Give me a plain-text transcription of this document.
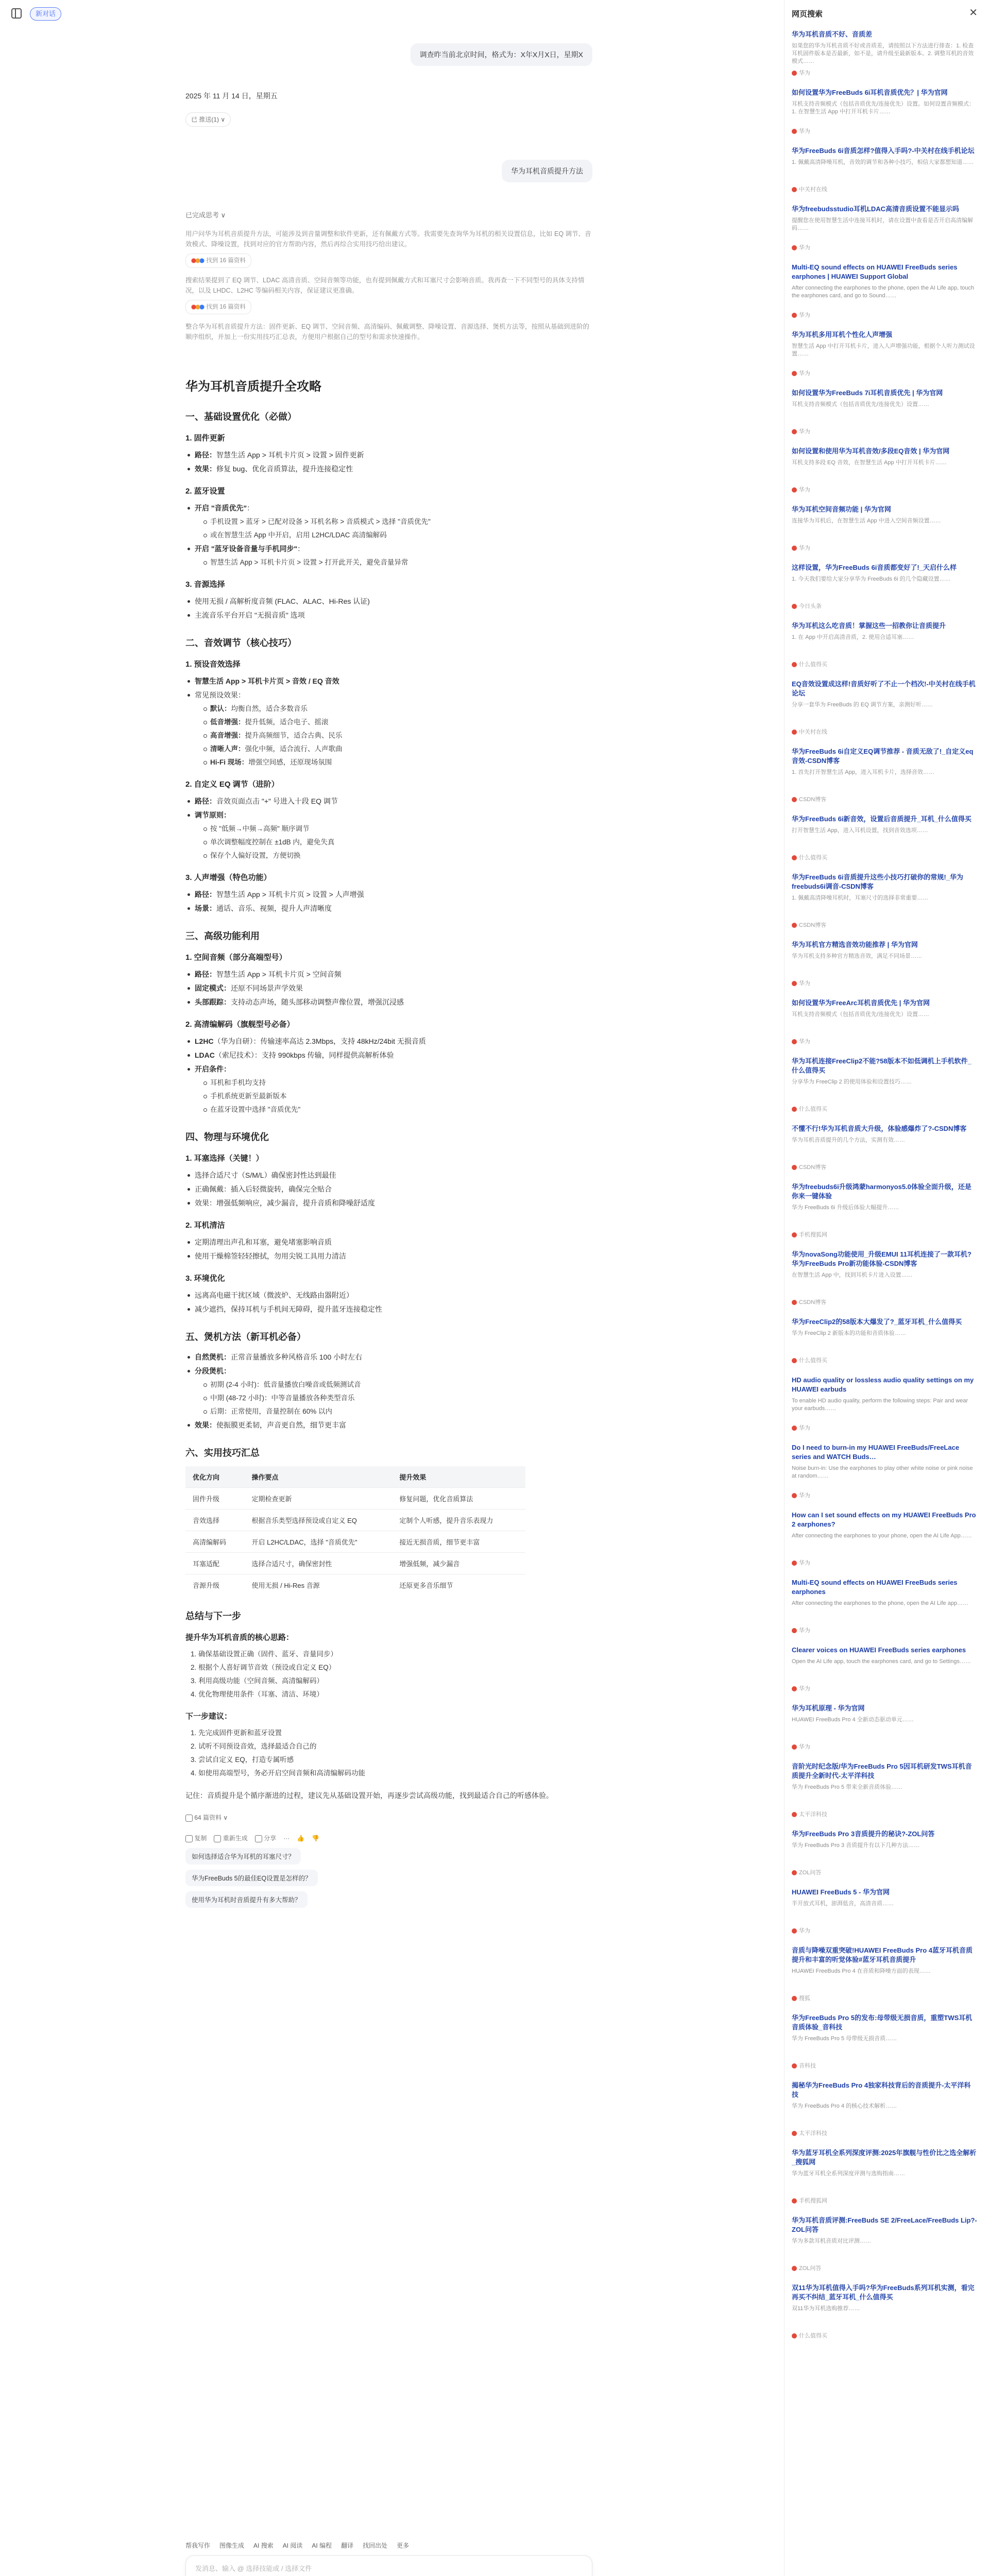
新对话
调查昨当前北京时间，格式为：X年X月X日，星期X
2025 年 11 月 14 日，星期五
已 推送(1) ∨
华为耳机音质提升方法
已完成思考 ∨
用户问华为耳机音质提升方法，可能涉及到音量调整和软件更新，还有佩戴方式等。我需要先查询华为耳机的相关设置信息，比如 EQ 调节、音效模式、降噪设置，找到对应的官方帮助内容，然后再综合实用技巧给出建议。
找到 16 篇资料
搜索结果提到了 EQ 调节、LDAC 高清音质、空间音频等功能，也有提到佩戴方式和耳塞尺寸会影响音质。我再查一下不同型号的具体支持情况，以及 LHDC、L2HC 等编码相关内容，保证建议更准确。
找到 16 篇资料
整合华为耳机音质提升方法：固件更新、EQ 调节、空间音频、高清编码、佩戴调整、降噪设置、音源选择、煲机方法等，按照从基础到进阶的顺序组织，并加上一份实用技巧汇总表，方便用户根据自己的型号和需求快速操作。
华为耳机音质提升全攻略
一、基础设置优化（必做）
1. 固件更新
路径：智慧生活 App > 耳机卡片页 > 设置 > 固件更新
效果：修复 bug、优化音质算法，提升连接稳定性
2. 蓝牙设置
开启 "音质优先"：
手机设置 > 蓝牙 > 已配对设备 > 耳机名称 > 音质模式 > 选择 "音质优先"
或在智慧生活 App 中开启，启用 L2HC/LDAC 高清编解码
开启 "蓝牙设备音量与手机同步"：
智慧生活 App > 耳机卡片页 > 设置 > 打开此开关，避免音量异常
3. 音源选择
使用无损 / 高解析度音频 (FLAC、ALAC、Hi-Res 认证)
主流音乐平台开启 "无损音质" 选项
二、音效调节（核心技巧）
1. 预设音效选择
智慧生活 App > 耳机卡片页 > 音效 / EQ 音效
常见预设效果：
默认：均衡自然，适合多数音乐
低音增强：提升低频，适合电子、摇滚
高音增强：提升高频细节，适合古典、民乐
清晰人声：强化中频，适合流行、人声歌曲
Hi-Fi 现场：增强空间感，还原现场氛围
2. 自定义 EQ 调节（进阶）
路径：音效页面点击 "+" 号进入十段 EQ 调节
调节原则：
按 "低频→中频→高频" 顺序调节
单次调整幅度控制在 ±1dB 内，避免失真
保存个人偏好设置，方便切换
3. 人声增强（特色功能）
路径：智慧生活 App > 耳机卡片页 > 设置 > 人声增强
场景：通话、音乐、视频，提升人声清晰度
三、高级功能利用
1. 空间音频（部分高端型号）
路径：智慧生活 App > 耳机卡片页 > 空间音频
固定模式：还原不同场景声学效果
头部跟踪：支持动态声场，随头部移动调整声像位置，增强沉浸感
2. 高清编解码（旗舰型号必备）
L2HC（华为自研）：传输速率高达 2.3Mbps，支持 48kHz/24bit 无损音质
LDAC（索尼技术）：支持 990kbps 传输，同样提供高解析体验
开启条件：
耳机和手机均支持
手机系统更新至最新版本
在蓝牙设置中选择 "音质优先"
四、物理与环境优化
1. 耳塞选择（关键！）
选择合适尺寸（S/M/L）确保密封性达到最佳
正确佩戴：插入后轻微旋转，确保完全贴合
效果：增强低频响应，减少漏音，提升音质和降噪舒适度
2. 耳机清洁
定期清理出声孔和耳塞，避免堵塞影响音质
使用干燥棉签轻轻擦拭，勿用尖锐工具用力清洁
3. 环境优化
远离高电磁干扰区域（微波炉、无线路由器附近）
减少遮挡，保持耳机与手机间无障碍，提升蓝牙连接稳定性
五、煲机方法（新耳机必备）
自然煲机：正常音量播放多种风格音乐 100 小时左右
分段煲机：
初期 (2-4 小时)：低音量播放白噪音或低频测试音
中期 (48-72 小时)：中等音量播放各种类型音乐
后期：正常使用，音量控制在 60% 以内
效果：使振膜更柔韧，声音更自然，细节更丰富
六、实用技巧汇总
优化方向	操作要点	提升效果
固件升级	定期检查更新	修复问题，优化音质算法
音效选择	根据音乐类型选择预设或自定义 EQ	定制个人听感，提升音乐表现力
高清编解码	开启 L2HC/LDAC，选择 "音质优先"	接近无损音质，细节更丰富
耳塞适配	选择合适尺寸，确保密封性	增强低频，减少漏音
音源升级	使用无损 / Hi-Res 音源	还原更多音乐细节
总结与下一步
提升华为耳机音质的核心思路：
1. 确保基础设置正确（固件、蓝牙、音量同步）
2. 根据个人喜好调节音效（预设或自定义 EQ）
3. 利用高级功能（空间音频、高清编解码）
4. 优化物理使用条件（耳塞、清洁、环境）
下一步建议：
1. 先完成固件更新和蓝牙设置
2. 试听不同预设音效，选择最适合自己的
3. 尝试自定义 EQ，打造专属听感
4. 如使用高端型号，务必开启空间音频和高清编解码功能
记住：音质提升是个循序渐进的过程，建议先从基础设置开始，再逐步尝试高级功能，找到最适合自己的听感体验。
64 篇资料 ∨
复制	重新生成	分享 ··· 👍 👎
如何选择适合华为耳机的耳塞尺寸？
华为FreeBuds 5的最佳EQ设置是怎样的？
使用华为耳机时音质提升有多大帮助？
帮我写作 图像生成 AI 搜索 AI 阅读 AI 编程 翻译 找回出处 更多
发消息、输入 @ 选择技能或 / 选择文件
网页搜索	✕
华为耳机音质不好、音质差
如果您的华为耳机音质不好或音质差，请按照以下方法进行排查：1. 检查耳机固件版本是否最新，如不是，请升级至最新版本。2. 调整耳机的音效模式……
华为
如何设置华为FreeBuds 6i耳机音质优先？| 华为官网
耳机支持音频模式（包括音质优先/连接优先）设置。如何设置音频模式：1. 在智慧生活 App 中打开耳机卡片……
华为
华为FreeBuds 6i音质怎样?值得入手吗?-中关村在线手机论坛
1. 佩戴高清降噪耳机，音效的调节和各种小技巧，相信大家都想知道……
中关村在线
华为freebudsstudio耳机LDAC高清音质设置不能显示吗
提醒您在使用智慧生活中连接耳机时，请在设置中查看是否开启高清编解码……
华为
Multi-EQ sound effects on HUAWEI FreeBuds series earphones | HUAWEI Support Global
After connecting the earphones to the phone, open the AI Life app, touch the earphones card, and go to Sound……
华为
华为耳机多用耳机个性化人声增强
智慧生活 App 中打开耳机卡片，进入人声增强功能，根据个人听力测试设置……
华为
如何设置华为FreeBuds 7i耳机音质优先 | 华为官网
耳机支持音频模式（包括音质优先/连接优先）设置……
华为
如何设置和使用华为耳机音效/多段EQ音效 | 华为官网
耳机支持多段 EQ 音效，在智慧生活 App 中打开耳机卡片……
华为
华为耳机空间音频功能 | 华为官网
连接华为耳机后，在智慧生活 App 中进入空间音频设置……
华为
这样设置，华为FreeBuds 6i音质都变好了!_天启什么样
1. 今天我们要给大家分享华为 FreeBuds 6i 的几个隐藏设置……
今日头条
华为耳机这么吃音质！掌握这些一招教你让音质提升
1. 在 App 中开启高清音质，2. 使用合适耳塞……
什么值得买
EQ音效设置成这样!音质好听了不止一个档次!-中关村在线手机论坛
分享一套华为 FreeBuds 的 EQ 调节方案，亲测好听……
中关村在线
华为FreeBuds 6i自定义EQ调节推荐 - 音质无敌了!_自定义eq音效-CSDN博客
1. 首先打开智慧生活 App，进入耳机卡片，选择音效……
CSDN博客
华为FreeBuds 6i新音效，设置后音质提升_耳机_什么值得买
打开智慧生活 App，进入耳机设置，找到音效选项……
什么值得买
华为FreeBuds 6i音质提升这些小技巧打破你的常规!_华为freebuds6i调音-CSDN博客
1. 佩戴高清降噪耳机时，耳塞尺寸的选择非常重要……
CSDN博客
华为耳机官方精选音效功能推荐 | 华为官网
华为耳机支持多种官方精选音效，满足不同场景……
华为
如何设置华为FreeArc耳机音质优先 | 华为官网
耳机支持音频模式（包括音质优先/连接优先）设置……
华为
华为耳机连接FreeClip2不能?58版本不如低调机上手机软件_什么值得买
分享华为 FreeClip 2 的使用体验和设置技巧……
什么值得买
不懂不行!华为耳机音质大升级，体验感爆炸了?-CSDN博客
华为耳机音质提升的几个方法，实测有效……
CSDN博客
华为freebuds6i升级鸿蒙harmonyos5.0体验全面升级，还是你来一键体验
华为 FreeBuds 6i 升级后体验大幅提升……
手机搜狐网
华为novaSong功能使用_升级EMUI 11耳机连接了一款耳机?华为FreeBuds Pro新功能体验-CSDN博客
在智慧生活 App 中，找到耳机卡片进入设置……
CSDN博客
华为FreeClip2的58版本大爆发了?_蓝牙耳机_什么值得买
华为 FreeClip 2 新版本的功能和音质体验……
什么值得买
HD audio quality or lossless audio quality settings on my HUAWEI earbuds
To enable HD audio quality, perform the following steps: Pair and wear your earbuds……
华为
Do I need to burn-in my HUAWEI FreeBuds/FreeLace series and WATCH Buds…
Noise burn-in: Use the earphones to play other white noise or pink noise at random……
华为
How can I set sound effects on my HUAWEI FreeBuds Pro 2 earphones?
After connecting the earphones to your phone, open the AI Life App……
华为
Multi-EQ sound effects on HUAWEI FreeBuds series earphones
After connecting the earphones to the phone, open the AI Life app……
华为
Clearer voices on HUAWEI FreeBuds series earphones
Open the AI Life app, touch the earphones card, and go to Settings……
华为
华为耳机原理 - 华为官网
HUAWEI FreeBuds Pro 4 全新动态驱动单元……
华为
音阶光时纪念版/华为FreeBuds Pro 5因耳机研发TWS耳机音质提升全新时代-太平洋科技
华为 FreeBuds Pro 5 带来全新音质体验……
太平洋科技
华为FreeBuds Pro 3音质提升的秘诀?-ZOL问答
华为 FreeBuds Pro 3 音质提升有以下几种方法……
ZOL问答
HUAWEI FreeBuds 5 - 华为官网
半开放式耳机，澎湃低音，高清音质……
华为
音质与降噪双重突破!HUAWEI FreeBuds Pro 4蓝牙耳机音质提升和丰富的听觉体验#蓝牙耳机音质提升
HUAWEI FreeBuds Pro 4 在音质和降噪方面的表现……
搜狐
华为FreeBuds Pro 5的发布:母带级无损音质，重塑TWS耳机音质体验_音科技
华为 FreeBuds Pro 5 母带级无损音质……
音科技
揭秘华为FreeBuds Pro 4独家科技背后的音质提升-太平洋科技
华为 FreeBuds Pro 4 的核心技术解析……
太平洋科技
华为蓝牙耳机全系列深度评测:2025年旗舰与性价比之选全解析_搜狐网
华为蓝牙耳机全系列深度评测与选购指南……
手机搜狐网
华为耳机音质评测:FreeBuds SE 2/FreeLace/FreeBuds Lip?-ZOL问答
华为多款耳机音质对比评测……
ZOL问答
双11华为耳机值得入手吗?华为FreeBuds系列耳机实测，看完再买不纠结_蓝牙耳机_什么值得买
双11华为耳机选购推荐……
什么值得买
